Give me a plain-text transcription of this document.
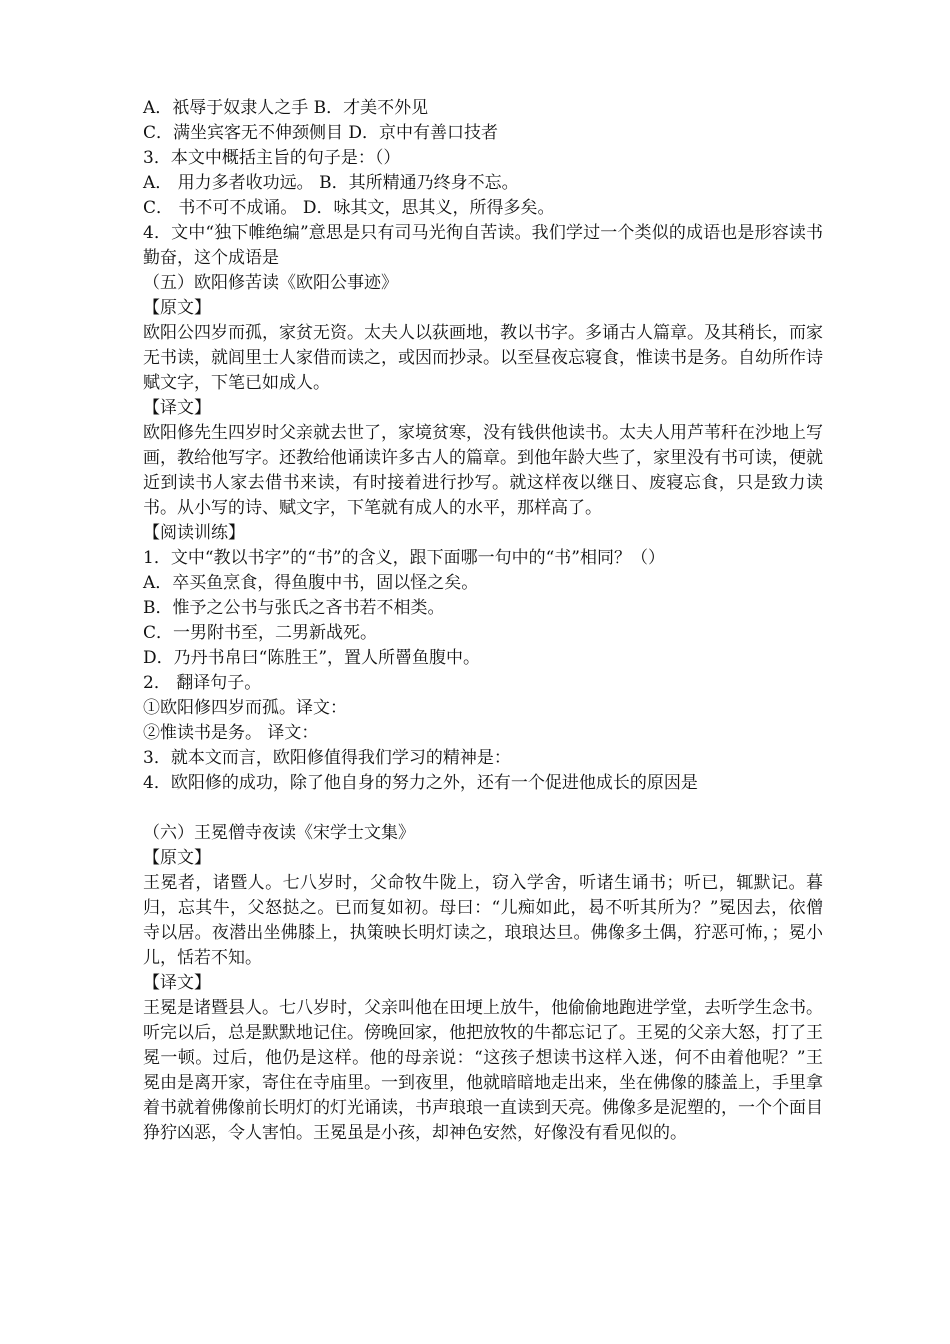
A．祇辱于奴隶人之手 B．才美不外见
C．满坐宾客无不伸颈侧目 D．京中有善口技者
3．本文中概括主旨的句子是：（）
A． 用力多者收功远。 B．其所精通乃终身不忘。
C． 书不可不成诵。 D．咏其文，思其义，所得多矣。
4．文中“独下帷绝编”意思是只有司马光徇自苦读。我们学过一个类似的成语也是形容读书勤奋，这个成语是
（五）欧阳修苦读《欧阳公事迹》
【原文】
欧阳公四岁而孤，家贫无资。太夫人以荻画地，教以书字。多诵古人篇章。及其稍长，而家无书读，就闾里士人家借而读之，或因而抄录。以至昼夜忘寝食，惟读书是务。自幼所作诗赋文字，下笔已如成人。
【译文】
欧阳修先生四岁时父亲就去世了，家境贫寒，没有钱供他读书。太夫人用芦苇秆在沙地上写画，教给他写字。还教给他诵读许多古人的篇章。到他年龄大些了，家里没有书可读，便就近到读书人家去借书来读，有时接着进行抄写。就这样夜以继日、废寝忘食，只是致力读书。从小写的诗、赋文字，下笔就有成人的水平，那样高了。
【阅读训练】
1．文中“教以书字”的“书”的含义，跟下面哪一句中的“书”相同？（）
A．卒买鱼烹食，得鱼腹中书，固以怪之矣。
B．惟予之公书与张氏之吝书若不相类。
C．一男附书至，二男新战死。
D．乃丹书帛曰“陈胜王”，置人所罾鱼腹中。
2． 翻译句子。
①欧阳修四岁而孤。译文：
②惟读书是务。 译文：
3．就本文而言，欧阳修值得我们学习的精神是：
4．欧阳修的成功，除了他自身的努力之外，还有一个促进他成长的原因是
（六）王冕僧寺夜读《宋学士文集》
【原文】
王冕者，诸暨人。七八岁时，父命牧牛陇上，窃入学舍，听诸生诵书；听已，辄默记。暮归，忘其牛，父怒挞之。已而复如初。母曰：“儿痴如此，曷不听其所为？”冕因去，依僧寺以居。夜潜出坐佛膝上，执策映长明灯读之，琅琅达旦。佛像多土偶，狞恶可怖，；冕小儿，恬若不知。
【译文】
王冕是诸暨县人。七八岁时，父亲叫他在田埂上放牛，他偷偷地跑进学堂，去听学生念书。听完以后，总是默默地记住。傍晚回家，他把放牧的牛都忘记了。王冕的父亲大怒，打了王冕一顿。过后，他仍是这样。他的母亲说：“这孩子想读书这样入迷，何不由着他呢？”王冕由是离开家，寄住在寺庙里。一到夜里，他就暗暗地走出来，坐在佛像的膝盖上，手里拿着书就着佛像前长明灯的灯光诵读，书声琅琅一直读到天亮。佛像多是泥塑的，一个个面目狰狞凶恶，令人害怕。王冕虽是小孩，却神色安然，好像没有看见似的。
